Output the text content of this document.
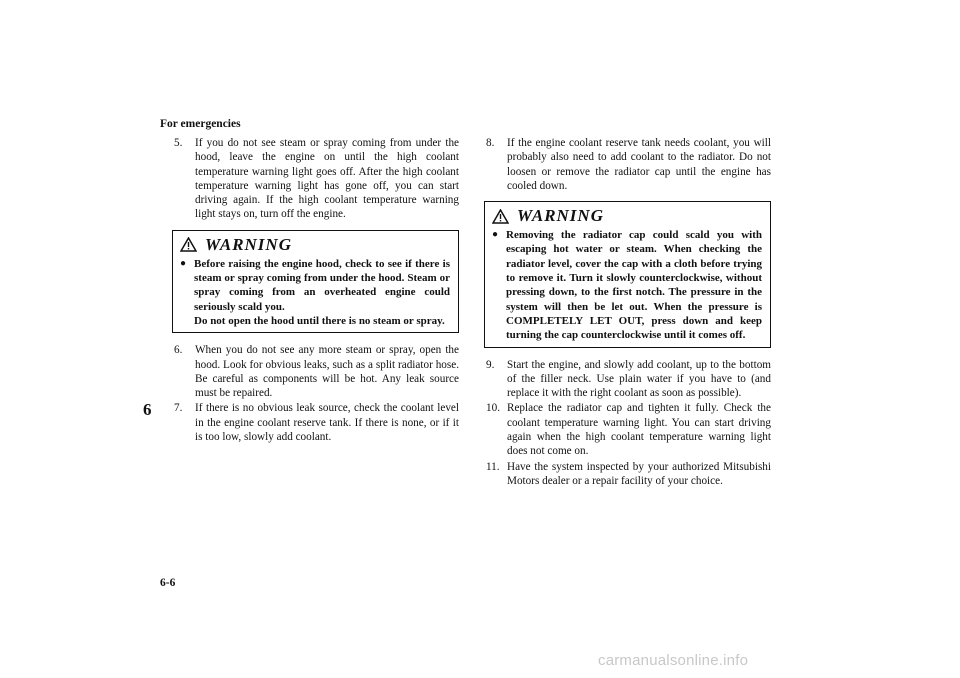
For emergencies
6
6-6
carmanualsonline.info
5. If you do not see steam or spray coming from under the hood, leave the engine on until the high coolant temperature warning light goes off. After the high coolant temperature warning light has gone off, you can start driving again. If the high coolant temperature warning light stays on, turn off the engine.
WARNING
● Before raising the engine hood, check to see if there is steam or spray coming from under the hood. Steam or spray coming from an overheated engine could seriously scald you.
Do not open the hood until there is no steam or spray.
6. When you do not see any more steam or spray, open the hood. Look for obvious leaks, such as a split radiator hose. Be careful as components will be hot. Any leak source must be repaired.
7. If there is no obvious leak source, check the coolant level in the engine coolant reserve tank. If there is none, or if it is too low, slowly add coolant.
8. If the engine coolant reserve tank needs coolant, you will probably also need to add coolant to the radiator. Do not loosen or remove the radiator cap until the engine has cooled down.
WARNING
● Removing the radiator cap could scald you with escaping hot water or steam. When checking the radiator level, cover the cap with a cloth before trying to remove it. Turn it slowly counterclockwise, without pressing down, to the first notch. The pressure in the system will then be let out. When the pressure is COMPLETELY LET OUT, press down and keep turning the cap counterclockwise until it comes off.
9. Start the engine, and slowly add coolant, up to the bottom of the filler neck. Use plain water if you have to (and replace it with the right coolant as soon as possible).
10. Replace the radiator cap and tighten it fully. Check the coolant temperature warning light. You can start driving again when the high coolant temperature warning light does not come on.
11. Have the system inspected by your authorized Mitsubishi Motors dealer or a repair facility of your choice.
